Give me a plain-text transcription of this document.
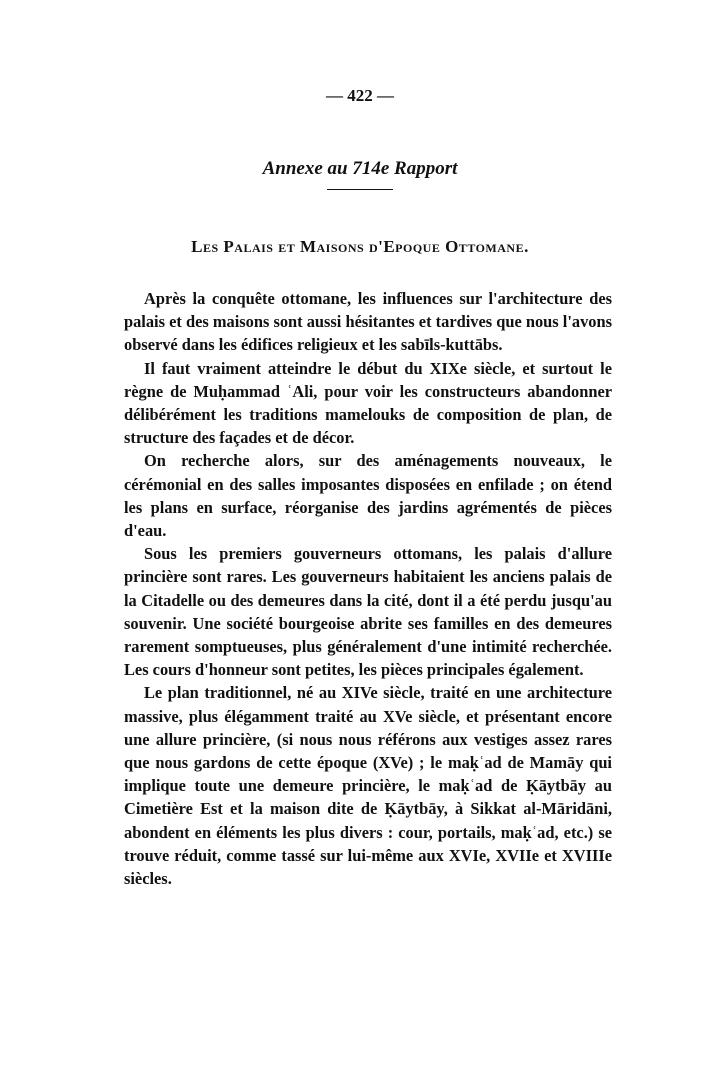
— 422 —
Annexe au 714e Rapport
Les Palais et Maisons d'Epoque Ottomane.

Après la conquête ottomane, les influences sur l'architecture des palais et des maisons sont aussi hésitantes et tardives que nous l'avons observé dans les édifices religieux et les sabīls-kuttābs.

Il faut vraiment atteindre le début du XIXe siècle, et surtout le règne de Muḥammad ʿAli, pour voir les constructeurs abandonner délibérément les traditions mamelouks de composition de plan, de structure des façades et de décor.

On recherche alors, sur des aménagements nouveaux, le cérémonial en des salles imposantes disposées en enfilade ; on étend les plans en surface, réorganise des jardins agrémentés de pièces d'eau.

Sous les premiers gouverneurs ottomans, les palais d'allure princière sont rares. Les gouverneurs habitaient les anciens palais de la Citadelle ou des demeures dans la cité, dont il a été perdu jusqu'au souvenir. Une société bourgeoise abrite ses familles en des demeures rarement somptueuses, plus généralement d'une intimité recherchée. Les cours d'honneur sont petites, les pièces principales également.

Le plan traditionnel, né au XIVe siècle, traité en une architecture massive, plus élégamment traité au XVe siècle, et présentant encore une allure princière, (si nous nous référons aux vestiges assez rares que nous gardons de cette époque (XVe) ; le maḳʿad de Mamāy qui implique toute une demeure princière, le maḳʿad de Ḳāytbāy au Cimetière Est et la maison dite de Ḳāytbāy, à Sikkat al-Māridāni, abondent en éléments les plus divers : cour, portails, maḳʿad, etc.) se trouve réduit, comme tassé sur lui-même aux XVIe, XVIIe et XVIIIe siècles.
